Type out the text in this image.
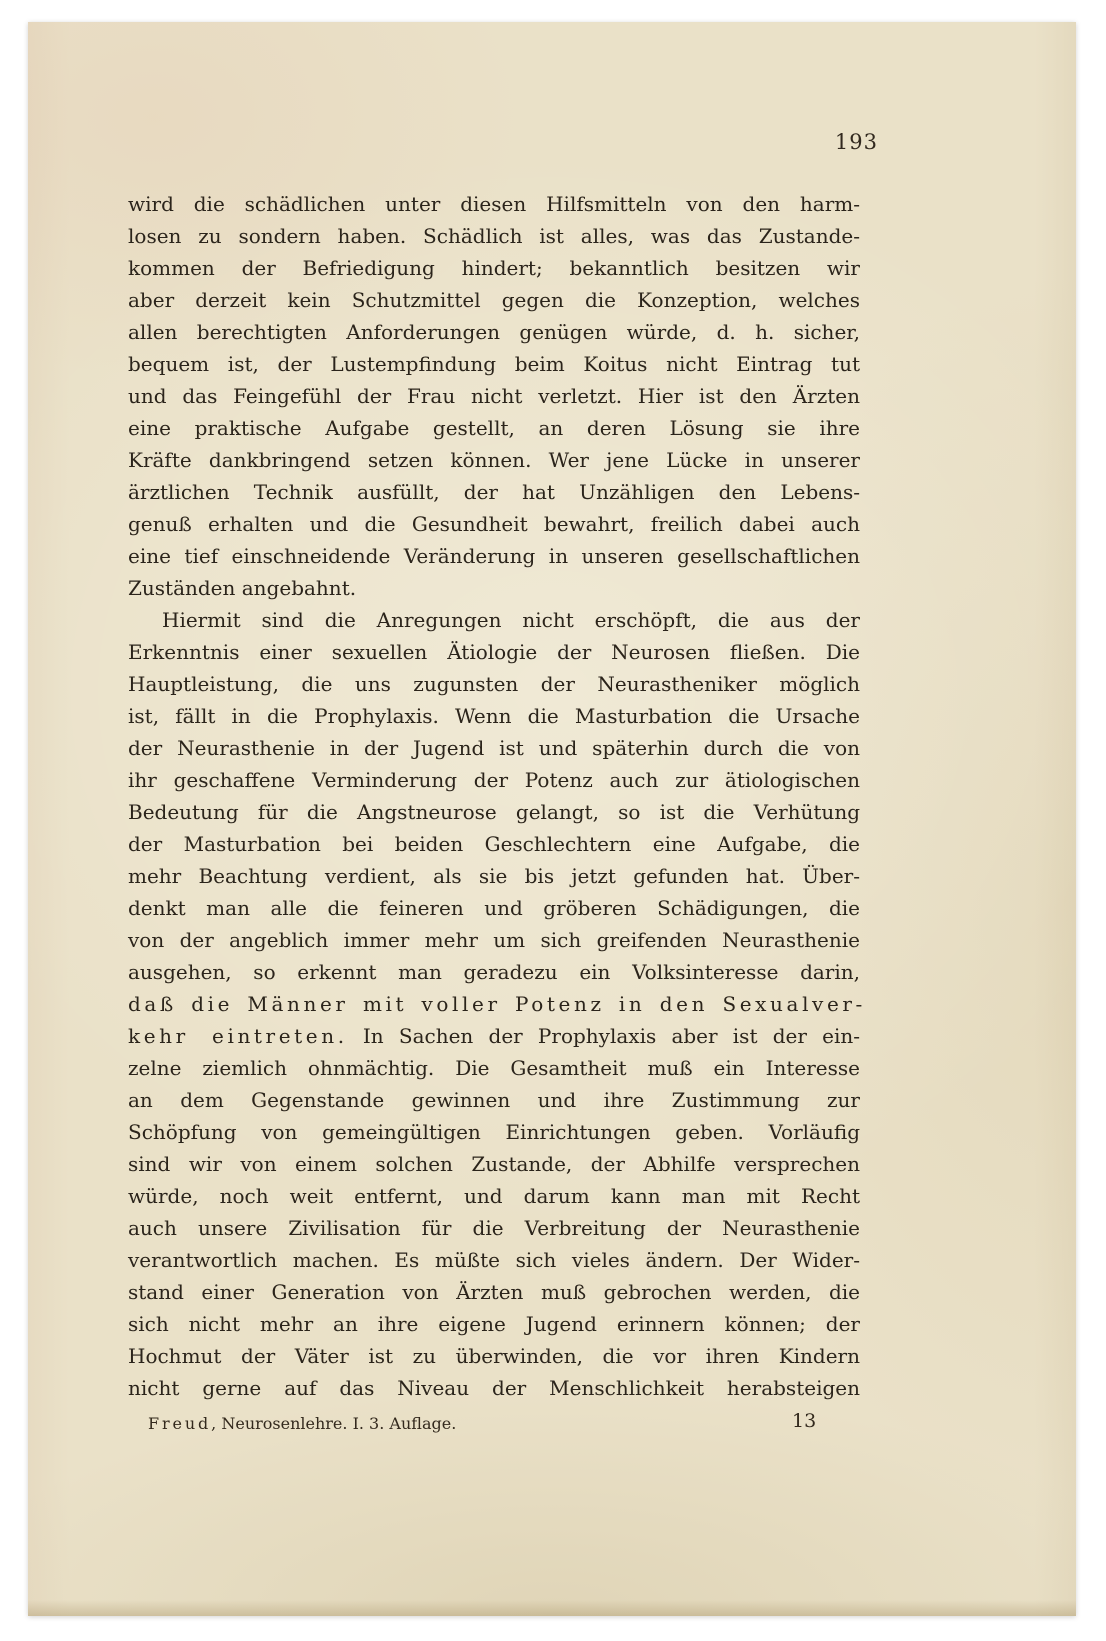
193
wird die schädlichen unter diesen Hilfsmitteln von den harm-
losen zu sondern haben. Schädlich ist alles, was das Zustande-
kommen der Befriedigung hindert; bekanntlich besitzen wir
aber derzeit kein Schutzmittel gegen die Konzeption, welches
allen berechtigten Anforderungen genügen würde, d. h. sicher,
bequem ist, der Lustempfindung beim Koitus nicht Eintrag tut
und das Feingefühl der Frau nicht verletzt. Hier ist den Ärzten
eine praktische Aufgabe gestellt, an deren Lösung sie ihre
Kräfte dankbringend setzen können. Wer jene Lücke in unserer
ärztlichen Technik ausfüllt, der hat Unzähligen den Lebens-
genuß erhalten und die Gesundheit bewahrt, freilich dabei auch
eine tief einschneidende Veränderung in unseren gesellschaftlichen
Zuständen angebahnt.
Hiermit sind die Anregungen nicht erschöpft, die aus der
Erkenntnis einer sexuellen Ätiologie der Neurosen fließen. Die
Hauptleistung, die uns zugunsten der Neurastheniker möglich
ist, fällt in die Prophylaxis. Wenn die Masturbation die Ursache
der Neurasthenie in der Jugend ist und späterhin durch die von
ihr geschaffene Verminderung der Potenz auch zur ätiologischen
Bedeutung für die Angstneurose gelangt, so ist die Verhütung
der Masturbation bei beiden Geschlechtern eine Aufgabe, die
mehr Beachtung verdient, als sie bis jetzt gefunden hat. Über-
denkt man alle die feineren und gröberen Schädigungen, die
von der angeblich immer mehr um sich greifenden Neurasthenie
ausgehen, so erkennt man geradezu ein Volksinteresse darin,
daß die Männer mit voller Potenz in den Sexualver-
kehr eintreten. In Sachen der Prophylaxis aber ist der ein-
zelne ziemlich ohnmächtig. Die Gesamtheit muß ein Interesse
an dem Gegenstande gewinnen und ihre Zustimmung zur
Schöpfung von gemeingültigen Einrichtungen geben. Vorläufig
sind wir von einem solchen Zustande, der Abhilfe versprechen
würde, noch weit entfernt, und darum kann man mit Recht
auch unsere Zivilisation für die Verbreitung der Neurasthenie
verantwortlich machen. Es müßte sich vieles ändern. Der Wider-
stand einer Generation von Ärzten muß gebrochen werden, die
sich nicht mehr an ihre eigene Jugend erinnern können; der
Hochmut der Väter ist zu überwinden, die vor ihren Kindern
nicht gerne auf das Niveau der Menschlichkeit herabsteigen
Freud, Neurosenlehre. I. 3. Auflage.	13
